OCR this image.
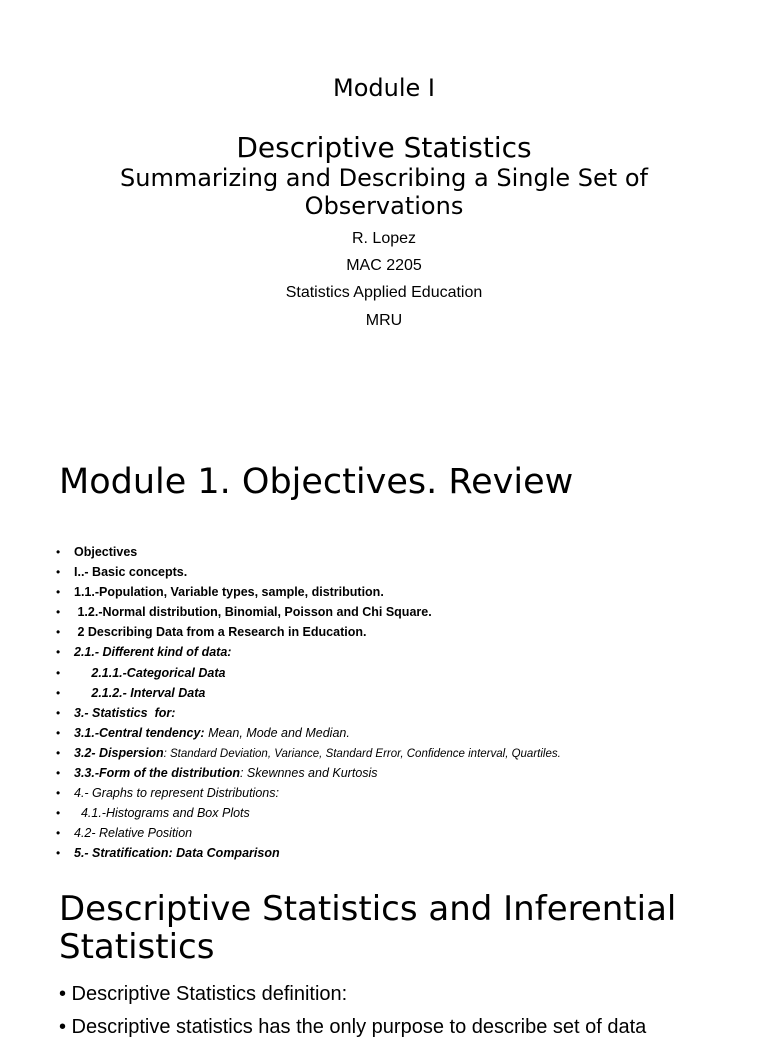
Module I
Descriptive Statistics
Summarizing and Describing a Single Set of Observations
R. Lopez
MAC 2205
Statistics Applied Education
MRU
Module 1. Objectives. Review
•	Objectives
•	I..- Basic concepts.
•	1.1.-Population, Variable types, sample, distribution.
•	1.2.-Normal distribution, Binomial, Poisson and Chi Square.
•	2 Describing Data from a Research in Education.
•	2.1.- Different kind of data:
•	2.1.1.-Categorical Data
•	2.1.2.- Interval Data
•	3.- Statistics  for:
•	3.1.-Central tendency: Mean, Mode and Median.
•	3.2- Dispersion: Standard Deviation, Variance, Standard Error, Confidence interval, Quartiles.
•	3.3.-Form of the distribution: Skewnnes and Kurtosis
•	4.- Graphs to represent Distributions:
•	4.1.-Histograms and Box Plots
•	4.2- Relative Position
•	5.- Stratification: Data Comparison
Descriptive Statistics and Inferential Statistics
• Descriptive Statistics definition:
• Descriptive statistics has the only purpose to describe set of data
